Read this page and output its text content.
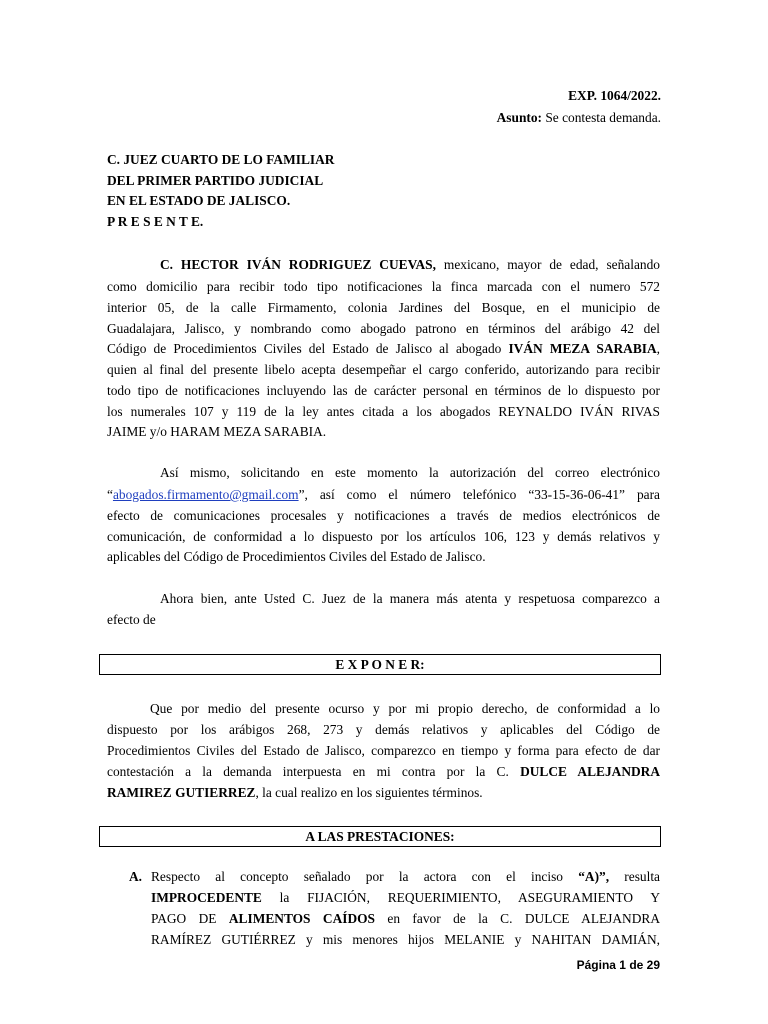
EXP. 1064/2022.
Asunto: Se contesta demanda.
C. JUEZ CUARTO DE LO FAMILIAR
DEL PRIMER PARTIDO JUDICIAL
EN EL ESTADO DE JALISCO.
P R E S E N T E.
C. HECTOR IVÁN RODRIGUEZ CUEVAS, mexicano, mayor de edad, señalando
como domicilio para recibir todo tipo notificaciones la finca marcada con el numero 572
interior 05, de la calle Firmamento, colonia Jardines del Bosque, en el municipio de
Guadalajara, Jalisco, y nombrando como abogado patrono en términos del arábigo 42 del
Código de Procedimientos Civiles del Estado de Jalisco al abogado IVÁN MEZA SARABIA,
quien al final del presente libelo acepta desempeñar el cargo conferido, autorizando para recibir
todo tipo de notificaciones incluyendo las de carácter personal en términos de lo dispuesto por
los numerales 107 y 119 de la ley antes citada a los abogados REYNALDO IVÁN RIVAS
JAIME y/o HARAM MEZA SARABIA.
Así mismo, solicitando en este momento la autorización del correo electrónico
“abogados.firmamento@gmail.com”, así como el número telefónico “33-15-36-06-41” para
efecto de comunicaciones procesales y notificaciones a través de medios electrónicos de
comunicación, de conformidad a lo dispuesto por los artículos 106, 123 y demás relativos y
aplicables del Código de Procedimientos Civiles del Estado de Jalisco.
Ahora bien, ante Usted C. Juez de la manera más atenta y respetuosa comparezco a
efecto de
E X P O N E R:
Que por medio del presente ocurso y por mi propio derecho, de conformidad a lo
dispuesto por los arábigos 268, 273 y demás relativos y aplicables del Código de
Procedimientos Civiles del Estado de Jalisco, comparezco en tiempo y forma para efecto de dar
contestación a la demanda interpuesta en mi contra por la C. DULCE ALEJANDRA
RAMIREZ GUTIERREZ, la cual realizo en los siguientes términos.
A LAS PRESTACIONES:
A. Respecto al concepto señalado por la actora con el inciso “A)”, resulta
IMPROCEDENTE la FIJACIÓN, REQUERIMIENTO, ASEGURAMIENTO Y
PAGO DE ALIMENTOS CAÍDOS en favor de la C. DULCE ALEJANDRA
RAMÍREZ GUTIÉRREZ y mis menores hijos MELANIE y NAHITAN DAMIÁN,
Página 1 de 29
